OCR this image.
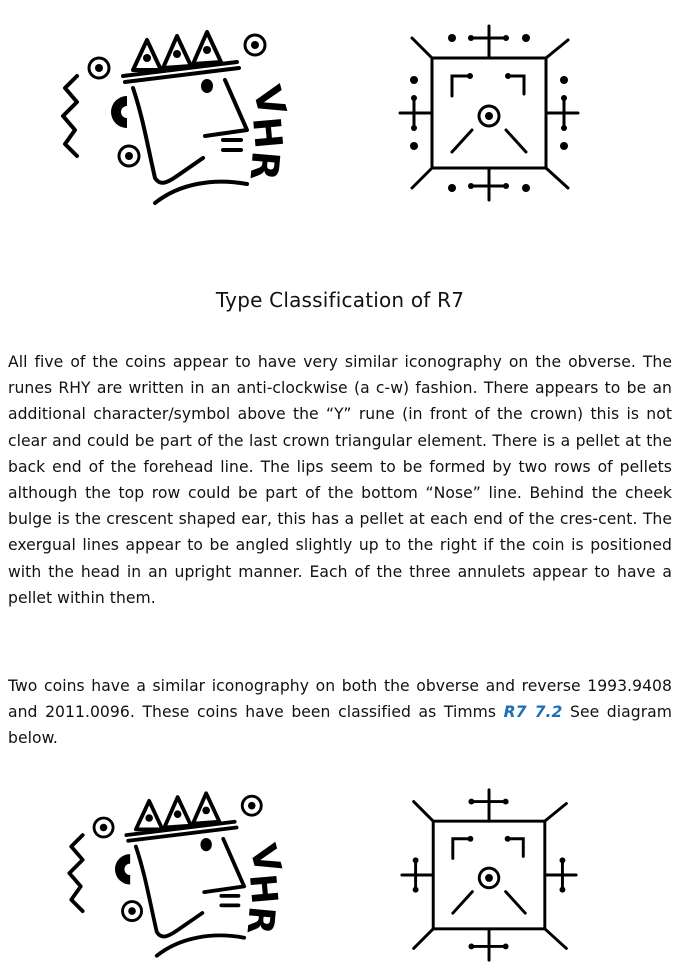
V
H
R
Type Classification of R7
All five of the coins appear to have very similar iconography on the obverse. The runes RHY are written in an anti-clockwise (a c-w) fashion. There appears to be an additional character/symbol above the “Y” rune (in front of the crown) this is not clear and could be part of the last crown triangular element. There is a pellet at the back end of the forehead line. The lips seem to be formed by two rows of pellets although the top row could be part of the bottom “Nose” line. Behind the cheek bulge is the crescent shaped ear, this has a pellet at each end of the cres-cent. The exergual lines appear to be angled slightly up to the right if the coin is positioned with the head in an upright manner. Each of the three annulets appear to have a pellet within them.
Two coins have a similar iconography on both the obverse and reverse 1993.9408 and 2011.0096. These coins have been classified as Timms R7 7.2 See diagram below.
V
H
R
